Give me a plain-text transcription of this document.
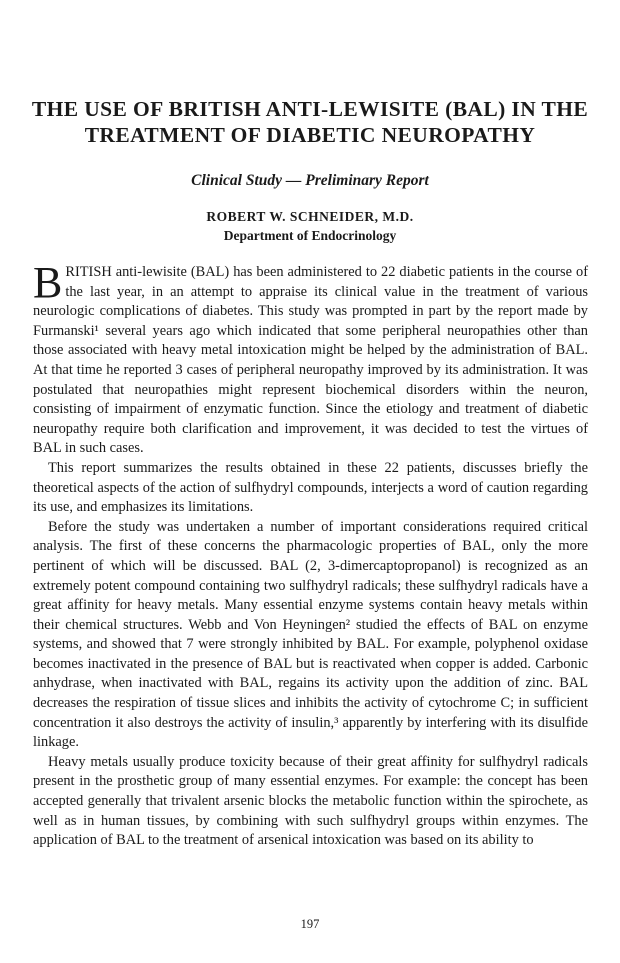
THE USE OF BRITISH ANTI-LEWISITE (BAL) IN THE
TREATMENT OF DIABETIC NEUROPATHY

Clinical Study — Preliminary Report

ROBERT W. SCHNEIDER, M.D.
Department of Endocrinology

BRITISH anti-lewisite (BAL) has been administered to 22 diabetic patients in the course of the last year, in an attempt to appraise its clinical value in the treatment of various neurologic complications of diabetes. This study was prompted in part by the report made by Furmanski¹ several years ago which indicated that some peripheral neuropathies other than those associated with heavy metal intoxication might be helped by the administration of BAL. At that time he reported 3 cases of peripheral neuropathy improved by its administration. It was postulated that neuropathies might represent biochemical disorders within the neuron, consisting of impairment of enzymatic function. Since the etiology and treatment of diabetic neuropathy require both clarification and improvement, it was decided to test the virtues of BAL in such cases.

This report summarizes the results obtained in these 22 patients, discusses briefly the theoretical aspects of the action of sulfhydryl compounds, interjects a word of caution regarding its use, and emphasizes its limitations.

Before the study was undertaken a number of important considerations required critical analysis. The first of these concerns the pharmacologic properties of BAL, only the more pertinent of which will be discussed. BAL (2, 3-dimercaptopropanol) is recognized as an extremely potent compound containing two sulfhydryl radicals; these sulfhydryl radicals have a great affinity for heavy metals. Many essential enzyme systems contain heavy metals within their chemical structures. Webb and Von Heyningen² studied the effects of BAL on enzyme systems, and showed that 7 were strongly inhibited by BAL. For example, polyphenol oxidase becomes inactivated in the presence of BAL but is reactivated when copper is added. Carbonic anhydrase, when inactivated with BAL, regains its activity upon the addition of zinc. BAL decreases the respiration of tissue slices and inhibits the activity of cytochrome C; in sufficient concentration it also destroys the activity of insulin,³ apparently by interfering with its disulfide linkage.

Heavy metals usually produce toxicity because of their great affinity for sulfhydryl radicals present in the prosthetic group of many essential enzymes. For example: the concept has been accepted generally that trivalent arsenic blocks the metabolic function within the spirochete, as well as in human tissues, by combining with such sulfhydryl groups within enzymes. The application of BAL to the treatment of arsenical intoxication was based on its ability to

197
